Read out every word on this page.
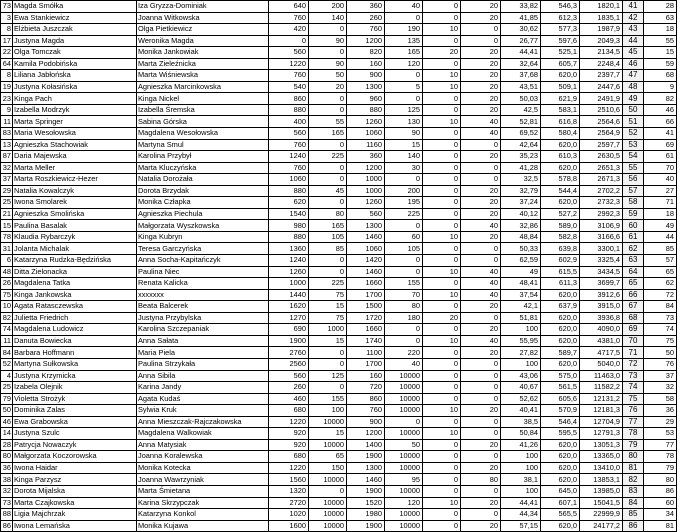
73	Magda Smółka	Iza Gryzza-Dominiak	640	200	360	40	0	20	33,82	546,3	1820,1	41	28
3	Ewa Stankiewicz	Joanna Witkowska	760	140	260	0	0	20	41,85	612,3	1835,1	42	63
8	Elżbieta Juszczak	Olga Pietkiewicz	420	0	760	190	10	0	30,62	577,3	1987,9	43	18
17	Justyna Magda	Weronika Magda	0	90	1200	135	0	0	26,77	597,6	2049,3	44	55
22	Olga Tomczak	Monika Jankowiak	560	0	820	165	20	20	44,41	525,1	2134,5	45	15
64	Kamila Podobińska	Marta Zieleźnicka	1220	90	160	120	0	20	32,64	605,7	2248,4	46	59
8	Liliana Jabłońska	Marta Wiśniewska	760	50	900	0	10	20	37,68	620,0	2397,7	47	68
19	Justyna Kołasińska	Agnieszka Marcinkowska	540	20	1300	5	10	20	43,51	509,1	2447,6	48	9
23	Kinga Pach	Kinga Nickel	860	0	960	0	0	20	50,03	621,9	2491,9	49	82
9	Izabella Modrzyk	Izabella Śremska	880	0	880	125	0	20	42,5	583,1	2510,6	50	46
11	Marta Springer	Sabina Górska	400	55	1260	130	10	40	52,81	616,8	2564,6	51	66
83	Maria Wesołowska	Magdalena Wesołowska	560	165	1060	90	0	40	69,52	580,4	2564,9	52	41
13	Agnieszka Stachowiak	Martyna Smul	760	0	1160	15	0	0	42,64	620,0	2597,7	53	69
87	Daria Majewska	Karolina Przybył	1240	225	360	140	0	20	35,23	610,3	2630,5	54	61
32	Marta Meller	Marta Kluczyńska	760	0	1200	30	0	0	41,28	620,0	2651,3	55	70
37	Marta Roszkiewicz-Hezer	Natalia Dorożała	1060	0	1000	0	0	0	32,5	578,8	2671,3	56	40
29	Natalia Kowalczyk	Dorota Brzydak	880	45	1000	200	0	20	32,79	544,4	2702,2	57	27
25	Iwona Smolarek	Monika Człapka	620	0	1260	195	0	20	37,24	620,0	2732,3	58	71
21	Agnieszka Smolińska	Agnieszka Piechula	1540	80	560	225	0	20	40,12	527,2	2992,3	59	18
15	Paulina Basalak	Małgorzata Wyszkowska	980	165	1300	0	0	40	32,86	589,0	3106,9	60	49
78	Klaudia Rybarczyk	Kinga Kubryn	880	105	1460	60	10	20	48,84	582,8	3166,6	61	44
31	Jolanta Michalak	Teresa Garczyńska	1360	85	1060	105	0	0	50,33	639,8	3300,1	62	85
6	Katarzyna Rudzka-Będzińska	Anna Socha-Kapitańczyk	1240	0	1420	0	0	0	62,59	602,9	3325,4	63	57
48	Ditta Zielonacka	Paulina Niec	1260	0	1460	0	10	40	49	615,5	3434,5	64	65
26	Magdalena Tatka	Renata Kalicka	1000	225	1660	155	0	40	48,41	611,3	3699,7	65	62
75	Kinga Jankowska	xxxxxxx	1440	75	1700	70	10	40	37,54	620,0	3912,6	66	72
10	Agata Ratasczewska	Beata Balcerek	1620	15	1500	80	0	20	42,1	637,9	3915,0	67	84
82	Julietta Friedrich	Justyna Przybylska	1270	75	1720	180	20	0	51,81	620,0	3936,8	68	73
74	Magdalena Ludowicz	Karolina Szczepaniak	690	1000	1660	0	0	20	100	620,0	4090,0	69	74
11	Danuta Bowiecka	Anna Sałata	1900	15	1740	0	10	40	55,95	620,0	4381,0	70	75
84	Barbara Hoffmann	Maria Piela	2760	0	1100	220	0	20	27,82	589,7	4717,5	71	50
52	Martyna Sułkowska	Paulina Strzykała	2560	0	1700	40	0	0	100	620,0	5040,0	72	76
4	Justyna Krzymicka	Anna Sibila	560	125	160	10000	0	0	43,06	575,0	11463,0	73	37
25	Izabela Olejnik	Karina Jandy	260	0	720	10000	0	0	40,67	561,5	11582,2	74	32
79	Violetta Strożyk	Agata Kudaś	460	155	860	10000	0	0	52,62	605,6	12131,2	75	58
50	Dominika Zalas	Sylwia Kruk	680	100	760	10000	10	20	40,41	570,9	12181,3	76	36
46	Ewa Grabowska	Anna Mieszczak-Rajczakowska	1220	10000	900	0	0	0	38,5	546,4	12704,9	77	29
14	Justyna Szulc	Magdalena Walkowiak	920	15	1200	10000	10	0	50,84	595,5	12791,3	78	53
28	Patrycja Nowaczyk	Anna Matysiak	920	10000	1400	50	0	20	41,26	620,0	13051,3	79	77
80	Małgorzata Koczorowska	Joanna Koralewska	680	65	1900	10000	0	0	100	620,0	13365,0	80	78
36	Iwona Haidar	Monika Kotecka	1220	150	1300	10000	0	20	100	620,0	13410,0	81	79
38	Kinga Parzysz	Joanna Wawrzyniak	1560	10000	1460	95	0	80	38,1	620,0	13853,1	82	80
32	Dorota Mijalska	Marta Śmietana	1320	0	1900	10000	0	0	100	645,0	13985,0	83	86
73	Marta Czajkowska	Karina Skrzypczak	2720	10000	1520	120	10	20	44,41	607,1	15041,5	84	60
88	Ligia Majchrzak	Katarzyna Konkol	1020	10000	1980	10000	0	0	44,34	565,5	22999,9	85	34
86	Iwona Lemańska	Monika Kujawa	1600	10000	1900	10000	0	20	57,15	620,0	24177,2	86	81
